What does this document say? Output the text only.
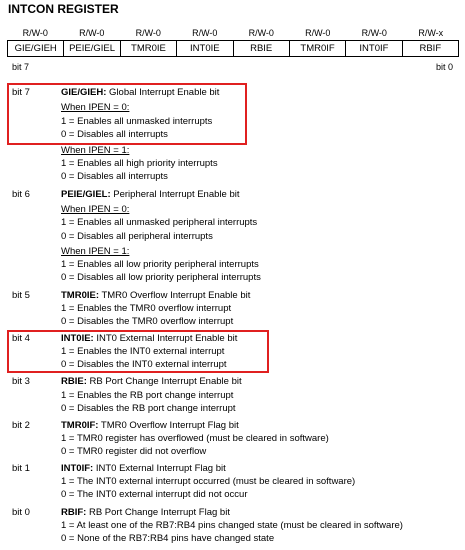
INTCON REGISTER
R/W-0	R/W-0	R/W-0	R/W-0	R/W-0	R/W-0	R/W-0	R/W-x
GIE/GIEH	PEIE/GIEL	TMR0IE	INT0IE	RBIE	TMR0IF	INT0IF	RBIF
bit 7	bit 0
bit 7	GIE/GIEH: Global Interrupt Enable bit
When IPEN = 0:
1 = Enables all unmasked interrupts
0 = Disables all interrupts
When IPEN = 1:
1 = Enables all high priority interrupts
0 = Disables all interrupts
bit 6	PEIE/GIEL: Peripheral Interrupt Enable bit
When IPEN = 0:
1 = Enables all unmasked peripheral interrupts
0 = Disables all peripheral interrupts
When IPEN = 1:
1 = Enables all low priority peripheral interrupts
0 = Disables all low priority peripheral interrupts
bit 5	TMR0IE: TMR0 Overflow Interrupt Enable bit
1 = Enables the TMR0 overflow interrupt
0 = Disables the TMR0 overflow interrupt
bit 4	INT0IE: INT0 External Interrupt Enable bit
1 = Enables the INT0 external interrupt
0 = Disables the INT0 external interrupt
bit 3	RBIE: RB Port Change Interrupt Enable bit
1 = Enables the RB port change interrupt
0 = Disables the RB port change interrupt
bit 2	TMR0IF: TMR0 Overflow Interrupt Flag bit
1 = TMR0 register has overflowed (must be cleared in software)
0 = TMR0 register did not overflow
bit 1	INT0IF: INT0 External Interrupt Flag bit
1 = The INT0 external interrupt occurred (must be cleared in software)
0 = The INT0 external interrupt did not occur
bit 0	RBIF: RB Port Change Interrupt Flag bit
1 = At least one of the RB7:RB4 pins changed state (must be cleared in software)
0 = None of the RB7:RB4 pins have changed state
